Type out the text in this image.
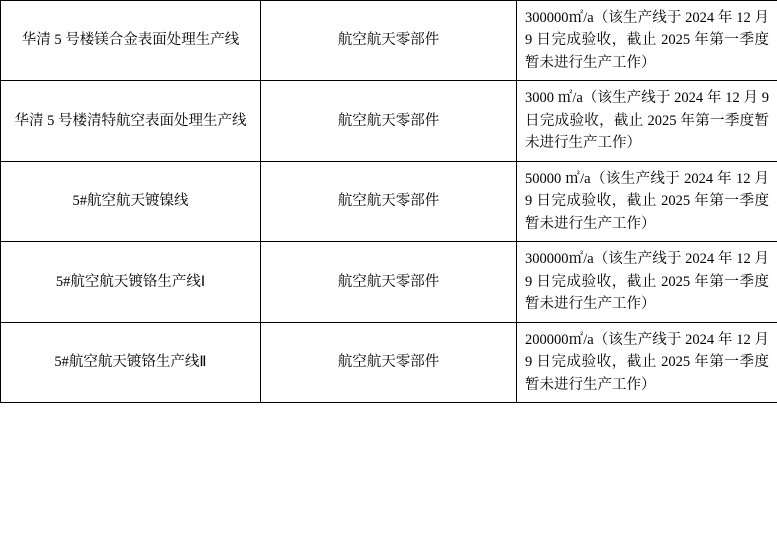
华清 5 号楼镁合金表面处理生产线	航空航天零部件	300000㎡/a（该生产线于 2024 年 12 月 9 日完成验收，截止 2025 年第一季度暂未进行生产工作）

华清 5 号楼清特航空表面处理生产线	航空航天零部件	3000 ㎡/a（该生产线于 2024 年 12 月 9 日完成验收，截止 2025 年第一季度暂未进行生产工作）

5#航空航天镀镍线	航空航天零部件	50000 ㎡/a（该生产线于 2024 年 12 月 9 日完成验收，截止 2025 年第一季度暂未进行生产工作）

5#航空航天镀铬生产线Ⅰ	航空航天零部件	300000㎡/a（该生产线于 2024 年 12 月 9 日完成验收，截止 2025 年第一季度暂未进行生产工作）

5#航空航天镀铬生产线Ⅱ	航空航天零部件	200000㎡/a（该生产线于 2024 年 12 月 9 日完成验收，截止 2025 年第一季度暂未进行生产工作）
